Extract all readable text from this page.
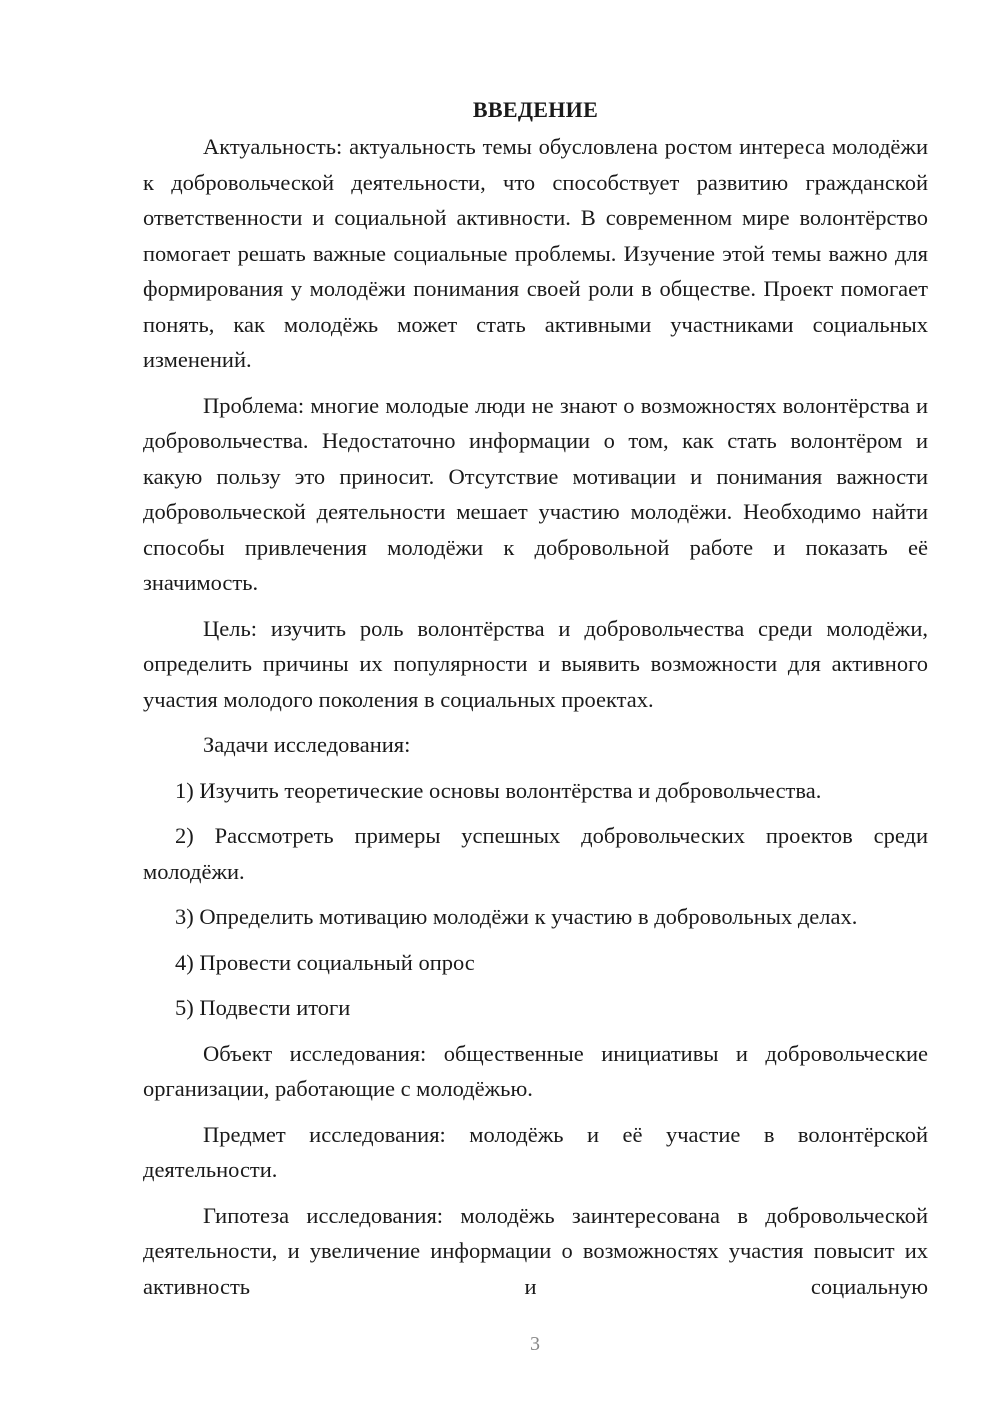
ВВЕДЕНИЕ

Актуальность: актуальность темы обусловлена ростом интереса молодёжи к добровольческой деятельности, что способствует развитию гражданской ответственности и социальной активности. В современном мире волонтёрство помогает решать важные социальные проблемы. Изучение этой темы важно для формирования у молодёжи понимания своей роли в обществе. Проект помогает понять, как молодёжь может стать активными участниками социальных изменений.

Проблема: многие молодые люди не знают о возможностях волонтёрства и добровольчества. Недостаточно информации о том, как стать волонтёром и какую пользу это приносит. Отсутствие мотивации и понимания важности добровольческой деятельности мешает участию молодёжи. Необходимо найти способы привлечения молодёжи к добровольной работе и показать её значимость.

Цель: изучить роль волонтёрства и добровольчества среди молодёжи, определить причины их популярности и выявить возможности для активного участия молодого поколения в социальных проектах.

Задачи исследования:

1) Изучить теоретические основы волонтёрства и добровольчества.

2) Рассмотреть примеры успешных добровольческих проектов среди молодёжи.

3) Определить мотивацию молодёжи к участию в добровольных делах.

4) Провести социальный опрос

5) Подвести итоги

Объект исследования: общественные инициативы и добровольческие организации, работающие с молодёжью.

Предмет исследования: молодёжь и её участие в волонтёрской деятельности.

Гипотеза исследования: молодёжь заинтересована в добровольческой деятельности, и увеличение информации о возможностях участия повысит их активность и социальную

3
